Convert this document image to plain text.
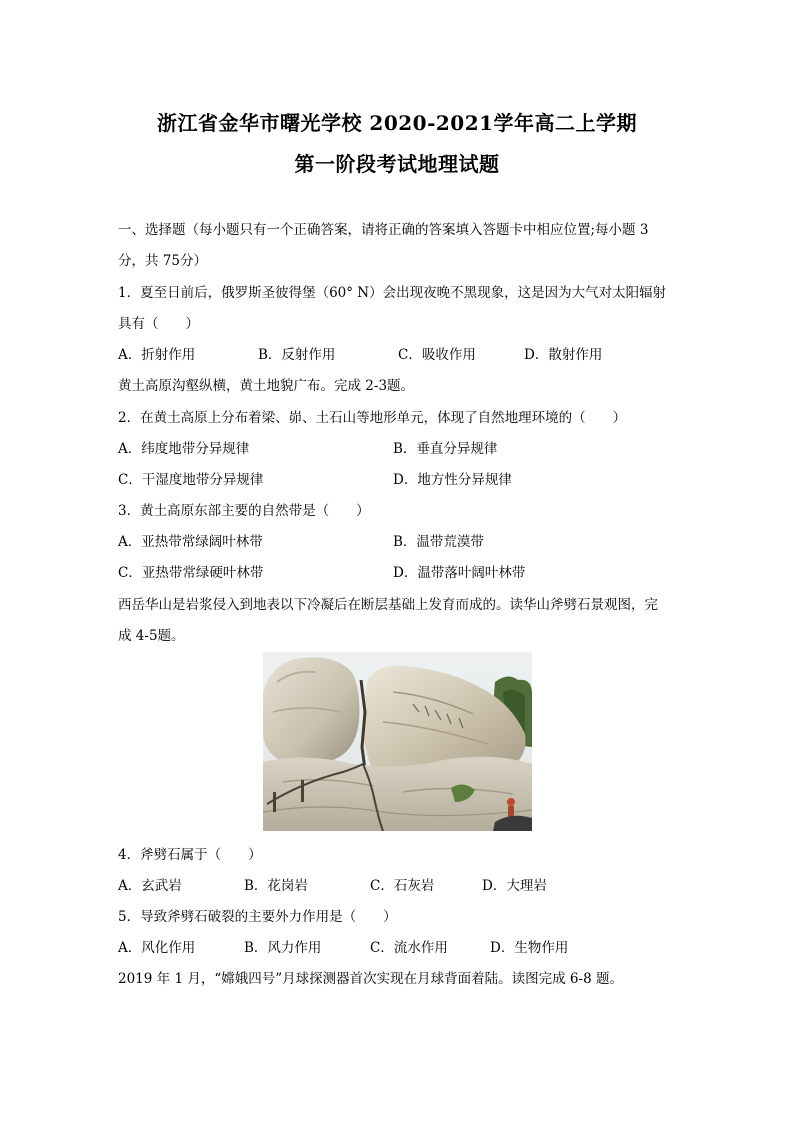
浙江省金华市曙光学校 2020-2021学年高二上学期
第一阶段考试地理试题
一、选择题（每小题只有一个正确答案，请将正确的答案填入答题卡中相应位置;每小题 3
分，共 75分）
1．夏至日前后，俄罗斯圣彼得堡（60° N）会出现夜晚不黑现象，这是因为大气对太阳辐射
具有（　　）
A．折射作用	B．反射作用	C．吸收作用	D．散射作用
黄土高原沟壑纵横，黄土地貌广布。完成 2-3题。
2．在黄土高原上分布着梁、峁、土石山等地形单元，体现了自然地理环境的（　　）
A．纬度地带分异规律	B．垂直分异规律
C．干湿度地带分异规律	D．地方性分异规律
3．黄土高原东部主要的自然带是（　　）
A．亚热带常绿阔叶林带	B．温带荒漠带
C．亚热带常绿硬叶林带	D．温带落叶阔叶林带
西岳华山是岩浆侵入到地表以下冷凝后在断层基础上发育而成的。读华山斧劈石景观图，完
成 4-5题。
4．斧劈石属于（　　）
A．玄武岩	B．花岗岩	C．石灰岩	D．大理岩
5．导致斧劈石破裂的主要外力作用是（　　）
A．风化作用	B．风力作用	C．流水作用	D．生物作用
2019 年 1 月，“嫦娥四号”月球探测器首次实现在月球背面着陆。读图完成 6-8 题。
